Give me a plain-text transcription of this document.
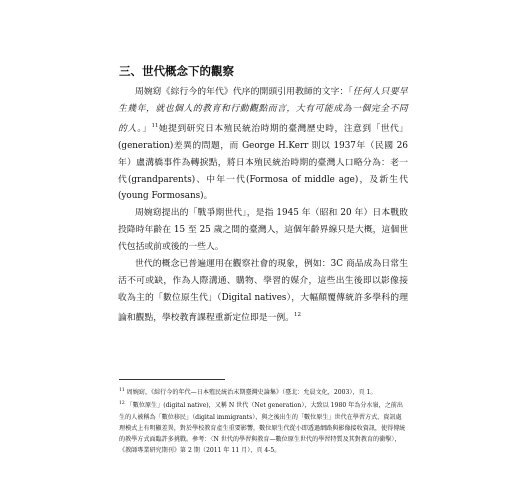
三、世代概念下的觀察

周婉窈《綜行今的年代》代序的開頭引用教師的文字：「任何人只要早生幾年，就也個人的教育和行動觀點而言，大有可能成為一個完全不同的人。」$^{11}$她提到研究日本殖民統治時期的臺灣歷史時，注意到「世代」(generation)差異的問題，而 George H.Kerr 則以 1937年（民國 26 年）盧溝橋事件為轉捩點，將日本殖民統治時期的臺灣人口略分為：老一代(grandparents)、中年一代(Formosa of middle age)，及新生代(young Formosans)。

周婉窈提出的「戰爭期世代」，是指 1945 年（昭和 20 年）日本戰敗投降時年齡在 15 至 25 歲之間的臺灣人，這個年齡界線只是大概，這個世代包括或前或後的一些人。

世代的概念已普遍運用在觀察社會的現象，例如：3C 商品成為日常生活不可或缺，作為人際溝通、購物、學習的媒介，這些出生後即以影像接收為主的「數位原生代」（Digital natives），大幅顛覆傳統許多學科的理論和觀點，學校教育課程重新定位即是一例。$^{12}$

$^{11}$ 周婉窈，《綜行今的年代—日本殖民統治末期臺灣史論集》（臺北：允晨文化，2003），頁 1。

$^{12}$ 「數位原生」(digital native)，又稱 N 世代（Net generation），大致以 1980 年為分水嶺，之前出生的人被稱為「數位移民」（digital immigrants），與之後出生的「數位原生」世代在學習方式、資訊處理模式上有明顯差異，對於學校教育產生重要影響，數位原生代從小即透過網路與影像接收資訊，使得傳統的教學方式面臨許多挑戰。參考：〈N 世代的學習與教育—數位原生世代的學習特質及其對教育的衝擊〉，《教師專業研究期刊》第 2 期（2011 年 11 月），頁 4-5。
